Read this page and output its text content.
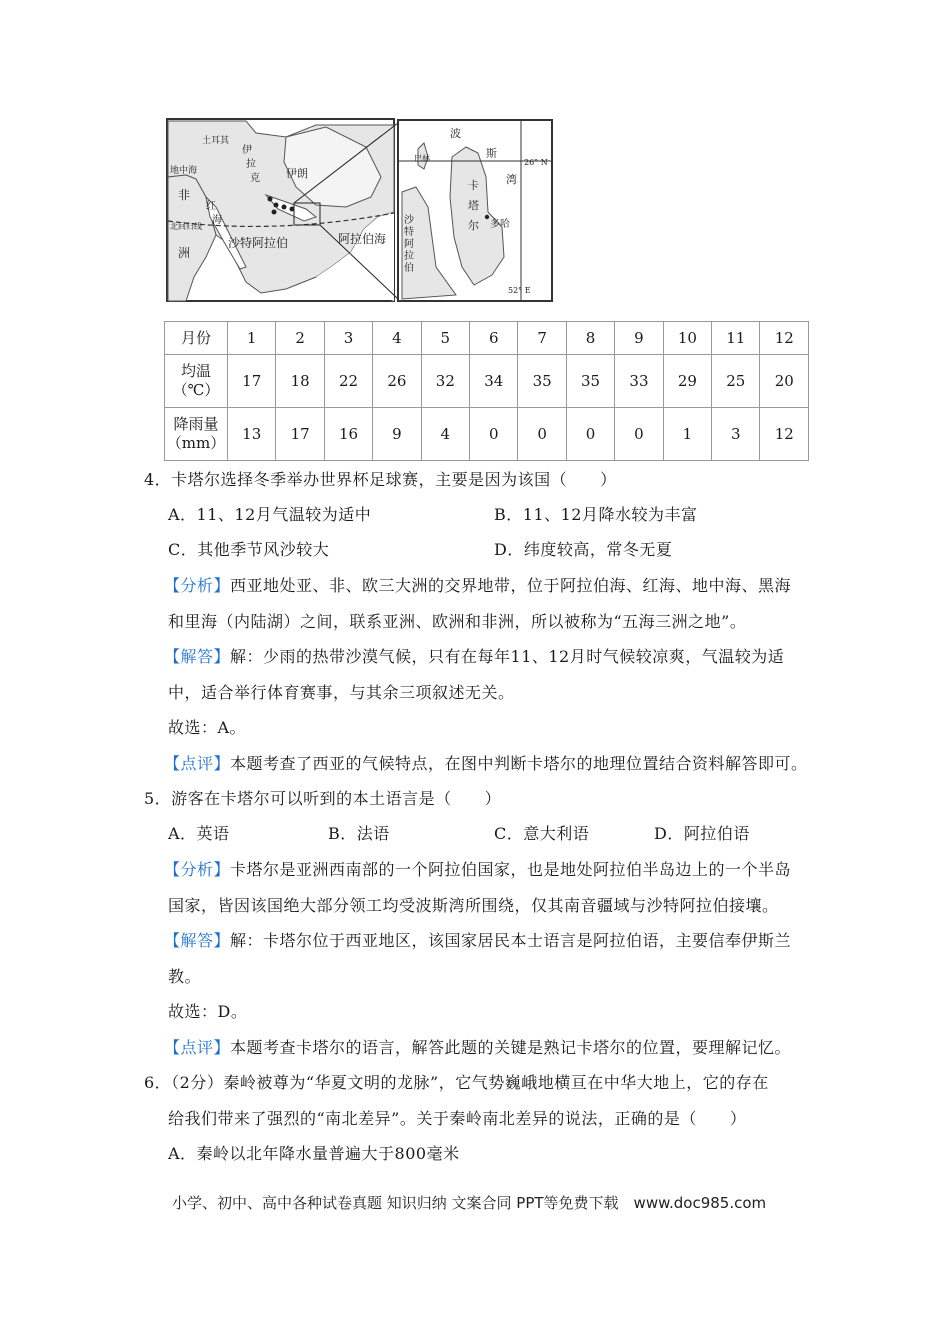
土耳其
地中海
非
洲
伊
拉
克 伊朗
红
海
北回归线
沙特阿拉伯	阿拉伯海
波
斯
湾
巴林
卡
塔
尔 多哈
沙
特
阿
拉
伯
26° N
52° E
月份	1	2	3	4	5	6	7	8	9	10	11	12

均温
（℃）	17	18	22	26	32	34	35	35	33	29	25	20

降雨量
（mm）	13	17	16	9	4	0	0	0	0	1	3	12
4．卡塔尔选择冬季举办世界杯足球赛，主要是因为该国（　　）
A．11、12月气温较为适中	B．11、12月降水较为丰富
C．其他季节风沙较大	D．纬度较高，常冬无夏
【分析】西亚地处亚、非、欧三大洲的交界地带，位于阿拉伯海、红海、地中海、黑海
和里海（内陆湖）之间，联系亚洲、欧洲和非洲，所以被称为“五海三洲之地”。
【解答】解：少雨的热带沙漠气候，只有在每年11、12月时气候较凉爽，气温较为适
中，适合举行体育赛事，与其余三项叙述无关。
故选：A。
【点评】本题考查了西亚的气候特点，在图中判断卡塔尔的地理位置结合资料解答即可。
5．游客在卡塔尔可以听到的本土语言是（　　）
A．英语	B．法语	C．意大利语	D．阿拉伯语
【分析】卡塔尔是亚洲西南部的一个阿拉伯国家，也是地处阿拉伯半岛边上的一个半岛
国家，皆因该国绝大部分领工均受波斯湾所围绕，仅其南音疆域与沙特阿拉伯接壤。
【解答】解：卡塔尔位于西亚地区，该国家居民本士语言是阿拉伯语，主要信奉伊斯兰
教。
故选：D。
【点评】本题考查卡塔尔的语言，解答此题的关键是熟记卡塔尔的位置，要理解记忆。
6．（2分）秦岭被尊为“华夏文明的龙脉”，它气势巍峨地横亘在中华大地上，它的存在
给我们带来了强烈的“南北差异”。关于秦岭南北差异的说法，正确的是（　　）
A．秦岭以北年降水量普遍大于800毫米
小学、初中、高中各种试卷真题 知识归纳 文案合同 PPT等免费下载　www.doc985.com
